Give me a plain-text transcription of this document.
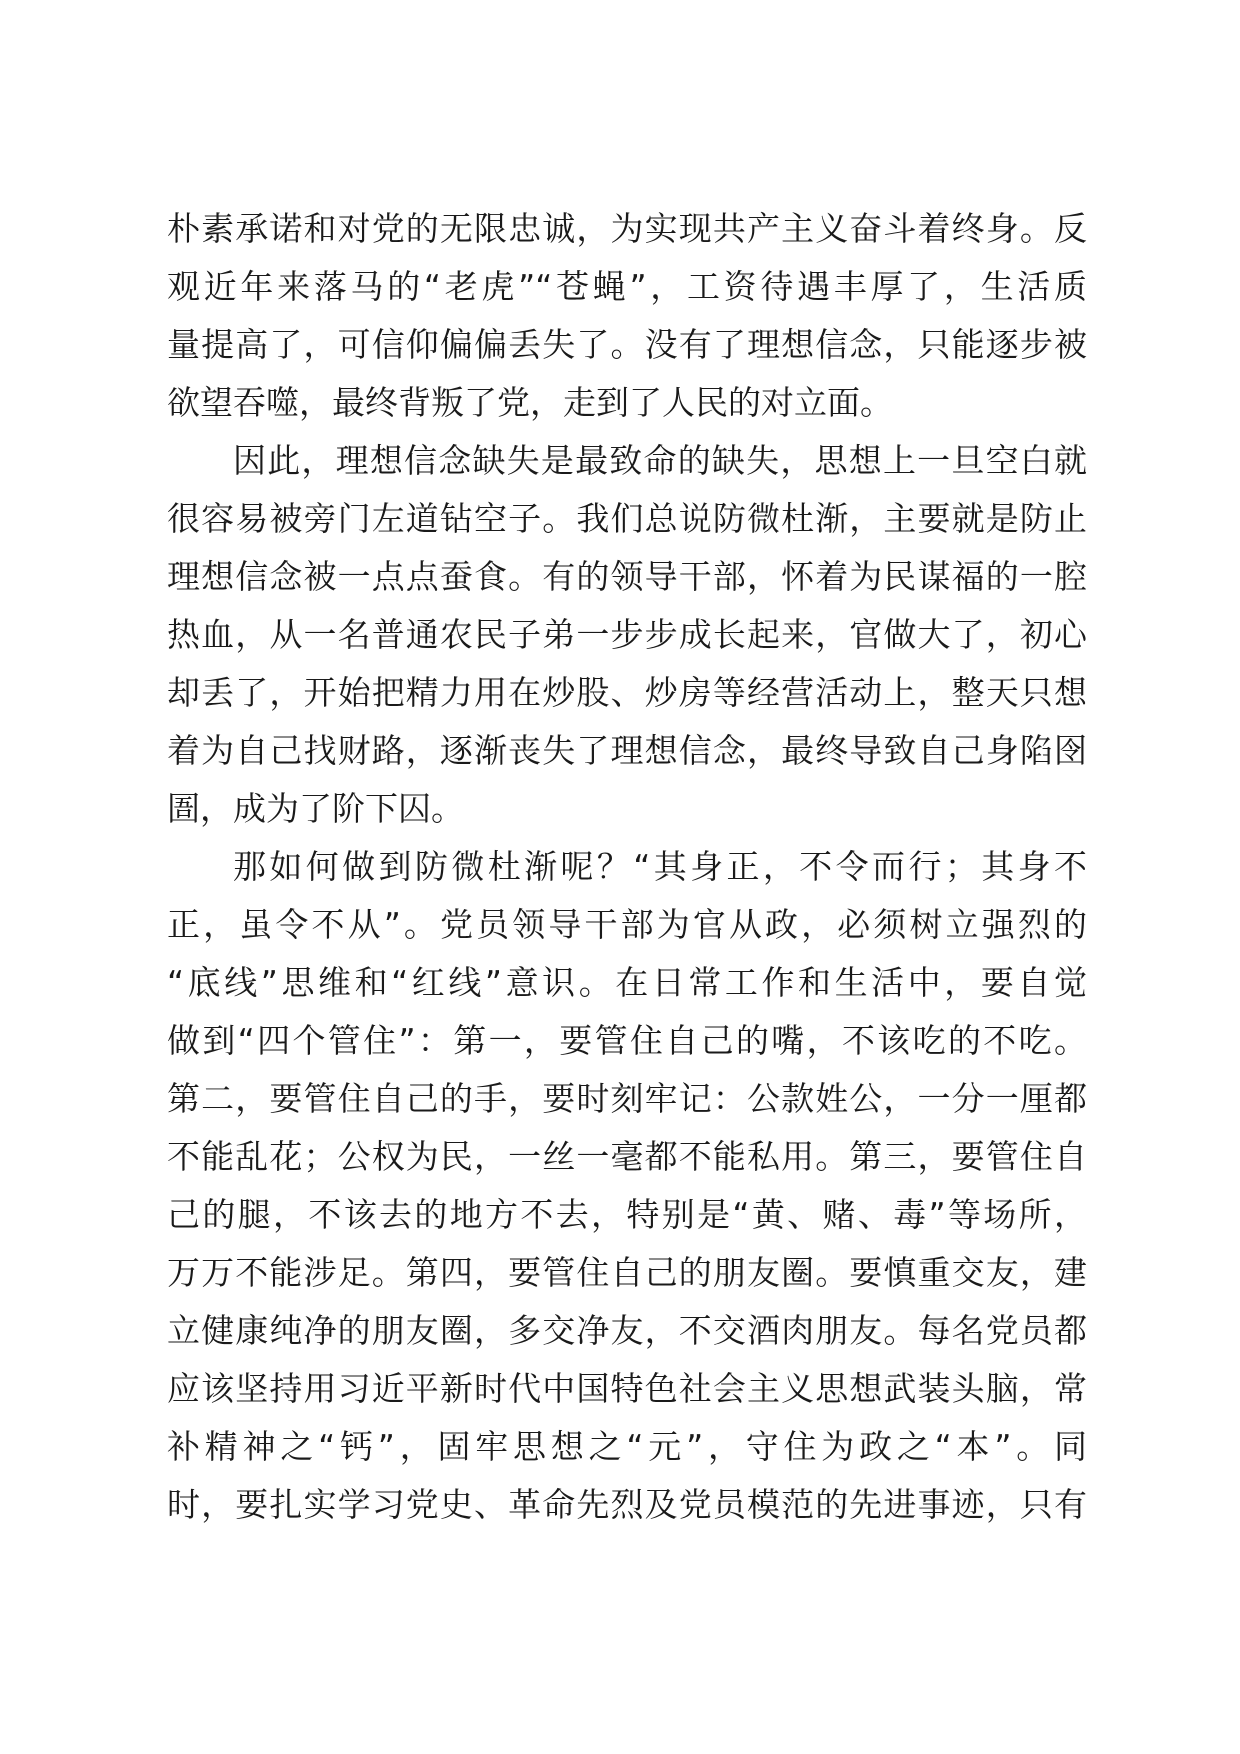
朴素承诺和对党的无限忠诚，为实现共产主义奋斗着终身。反
观近年来落马的“老虎”“苍蝇”，工资待遇丰厚了，生活质
量提高了，可信仰偏偏丢失了。没有了理想信念，只能逐步被
欲望吞噬，最终背叛了党，走到了人民的对立面。
因此，理想信念缺失是最致命的缺失，思想上一旦空白就
很容易被旁门左道钻空子。我们总说防微杜渐，主要就是防止
理想信念被一点点蚕食。有的领导干部，怀着为民谋福的一腔
热血，从一名普通农民子弟一步步成长起来，官做大了，初心
却丢了，开始把精力用在炒股、炒房等经营活动上，整天只想
着为自己找财路，逐渐丧失了理想信念，最终导致自己身陷囹
圄，成为了阶下囚。
那如何做到防微杜渐呢？“其身正，不令而行；其身不
正，虽令不从”。党员领导干部为官从政，必须树立强烈的
“底线”思维和“红线”意识。在日常工作和生活中，要自觉
做到“四个管住”：第一，要管住自己的嘴，不该吃的不吃。
第二，要管住自己的手，要时刻牢记：公款姓公，一分一厘都
不能乱花；公权为民，一丝一毫都不能私用。第三，要管住自
己的腿，不该去的地方不去，特别是“黄、赌、毒”等场所，
万万不能涉足。第四，要管住自己的朋友圈。要慎重交友，建
立健康纯净的朋友圈，多交净友，不交酒肉朋友。每名党员都
应该坚持用习近平新时代中国特色社会主义思想武装头脑，常
补精神之“钙”，固牢思想之“元”，守住为政之“本”。同
时，要扎实学习党史、革命先烈及党员模范的先进事迹，只有
